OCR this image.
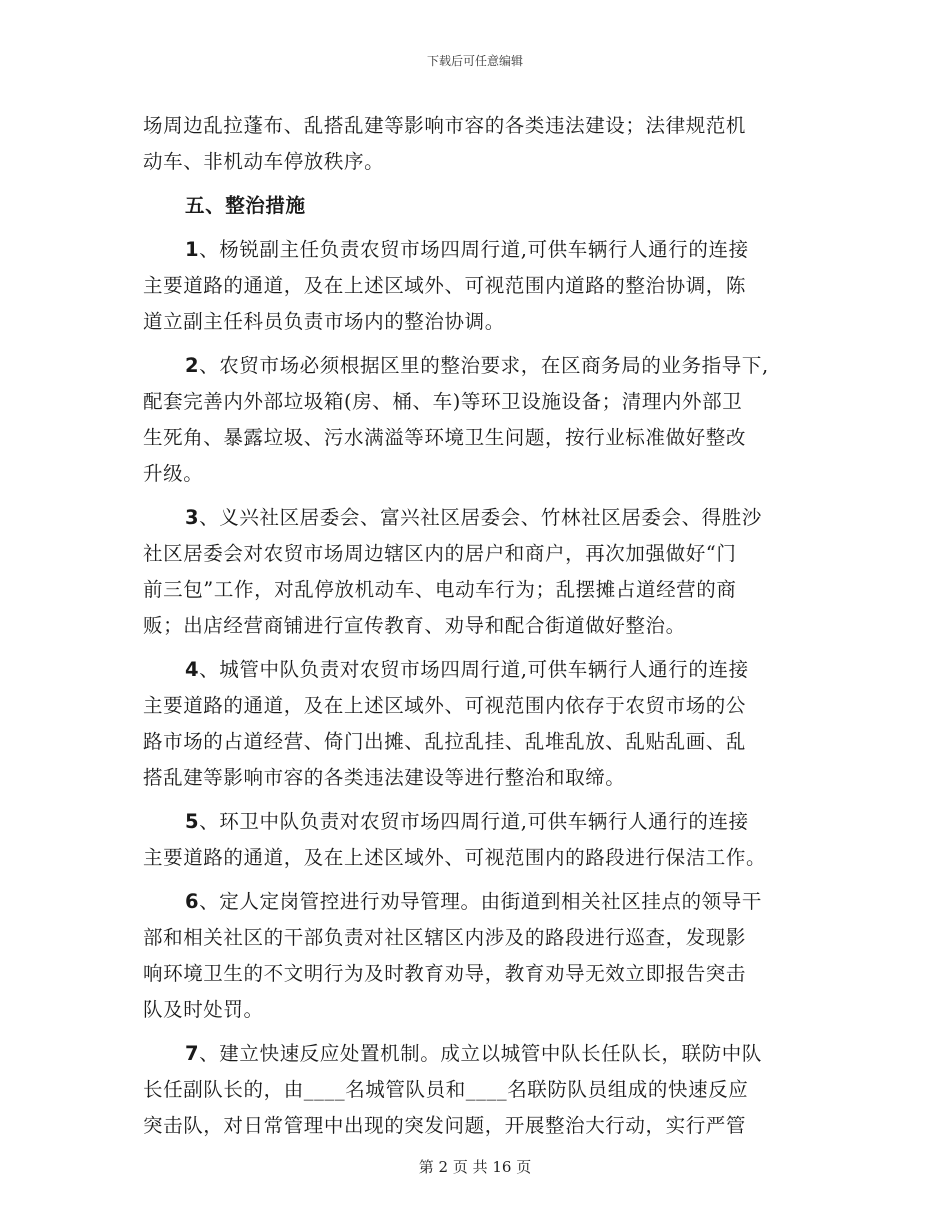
下载后可任意编辑
场周边乱拉蓬布、乱搭乱建等影响市容的各类违法建设；法律规范机
动车、非机动车停放秩序。
五、整治措施
1、杨锐副主任负责农贸市场四周行道,可供车辆行人通行的连接
主要道路的通道，及在上述区域外、可视范围内道路的整治协调，陈
道立副主任科员负责市场内的整治协调。
2、农贸市场必须根据区里的整治要求，在区商务局的业务指导下,
配套完善内外部垃圾箱(房、桶、车)等环卫设施设备；清理内外部卫
生死角、暴露垃圾、污水满溢等环境卫生问题，按行业标准做好整改
升级。
3、义兴社区居委会、富兴社区居委会、竹林社区居委会、得胜沙
社区居委会对农贸市场周边辖区内的居户和商户，再次加强做好“门
前三包”工作，对乱停放机动车、电动车行为；乱摆摊占道经营的商
贩；出店经营商铺进行宣传教育、劝导和配合街道做好整治。
4、城管中队负责对农贸市场四周行道,可供车辆行人通行的连接
主要道路的通道，及在上述区域外、可视范围内依存于农贸市场的公
路市场的占道经营、倚门出摊、乱拉乱挂、乱堆乱放、乱贴乱画、乱
搭乱建等影响市容的各类违法建设等进行整治和取缔。
5、环卫中队负责对农贸市场四周行道,可供车辆行人通行的连接
主要道路的通道，及在上述区域外、可视范围内的路段进行保洁工作。
6、定人定岗管控进行劝导管理。由街道到相关社区挂点的领导干
部和相关社区的干部负责对社区辖区内涉及的路段进行巡查，发现影
响环境卫生的不文明行为及时教育劝导，教育劝导无效立即报告突击
队及时处罚。
7、建立快速反应处置机制。成立以城管中队长任队长，联防中队
长任副队长的，由____名城管队员和____名联防队员组成的快速反应
突击队，对日常管理中出现的突发问题，开展整治大行动，实行严管
第 2 页 共 16 页
